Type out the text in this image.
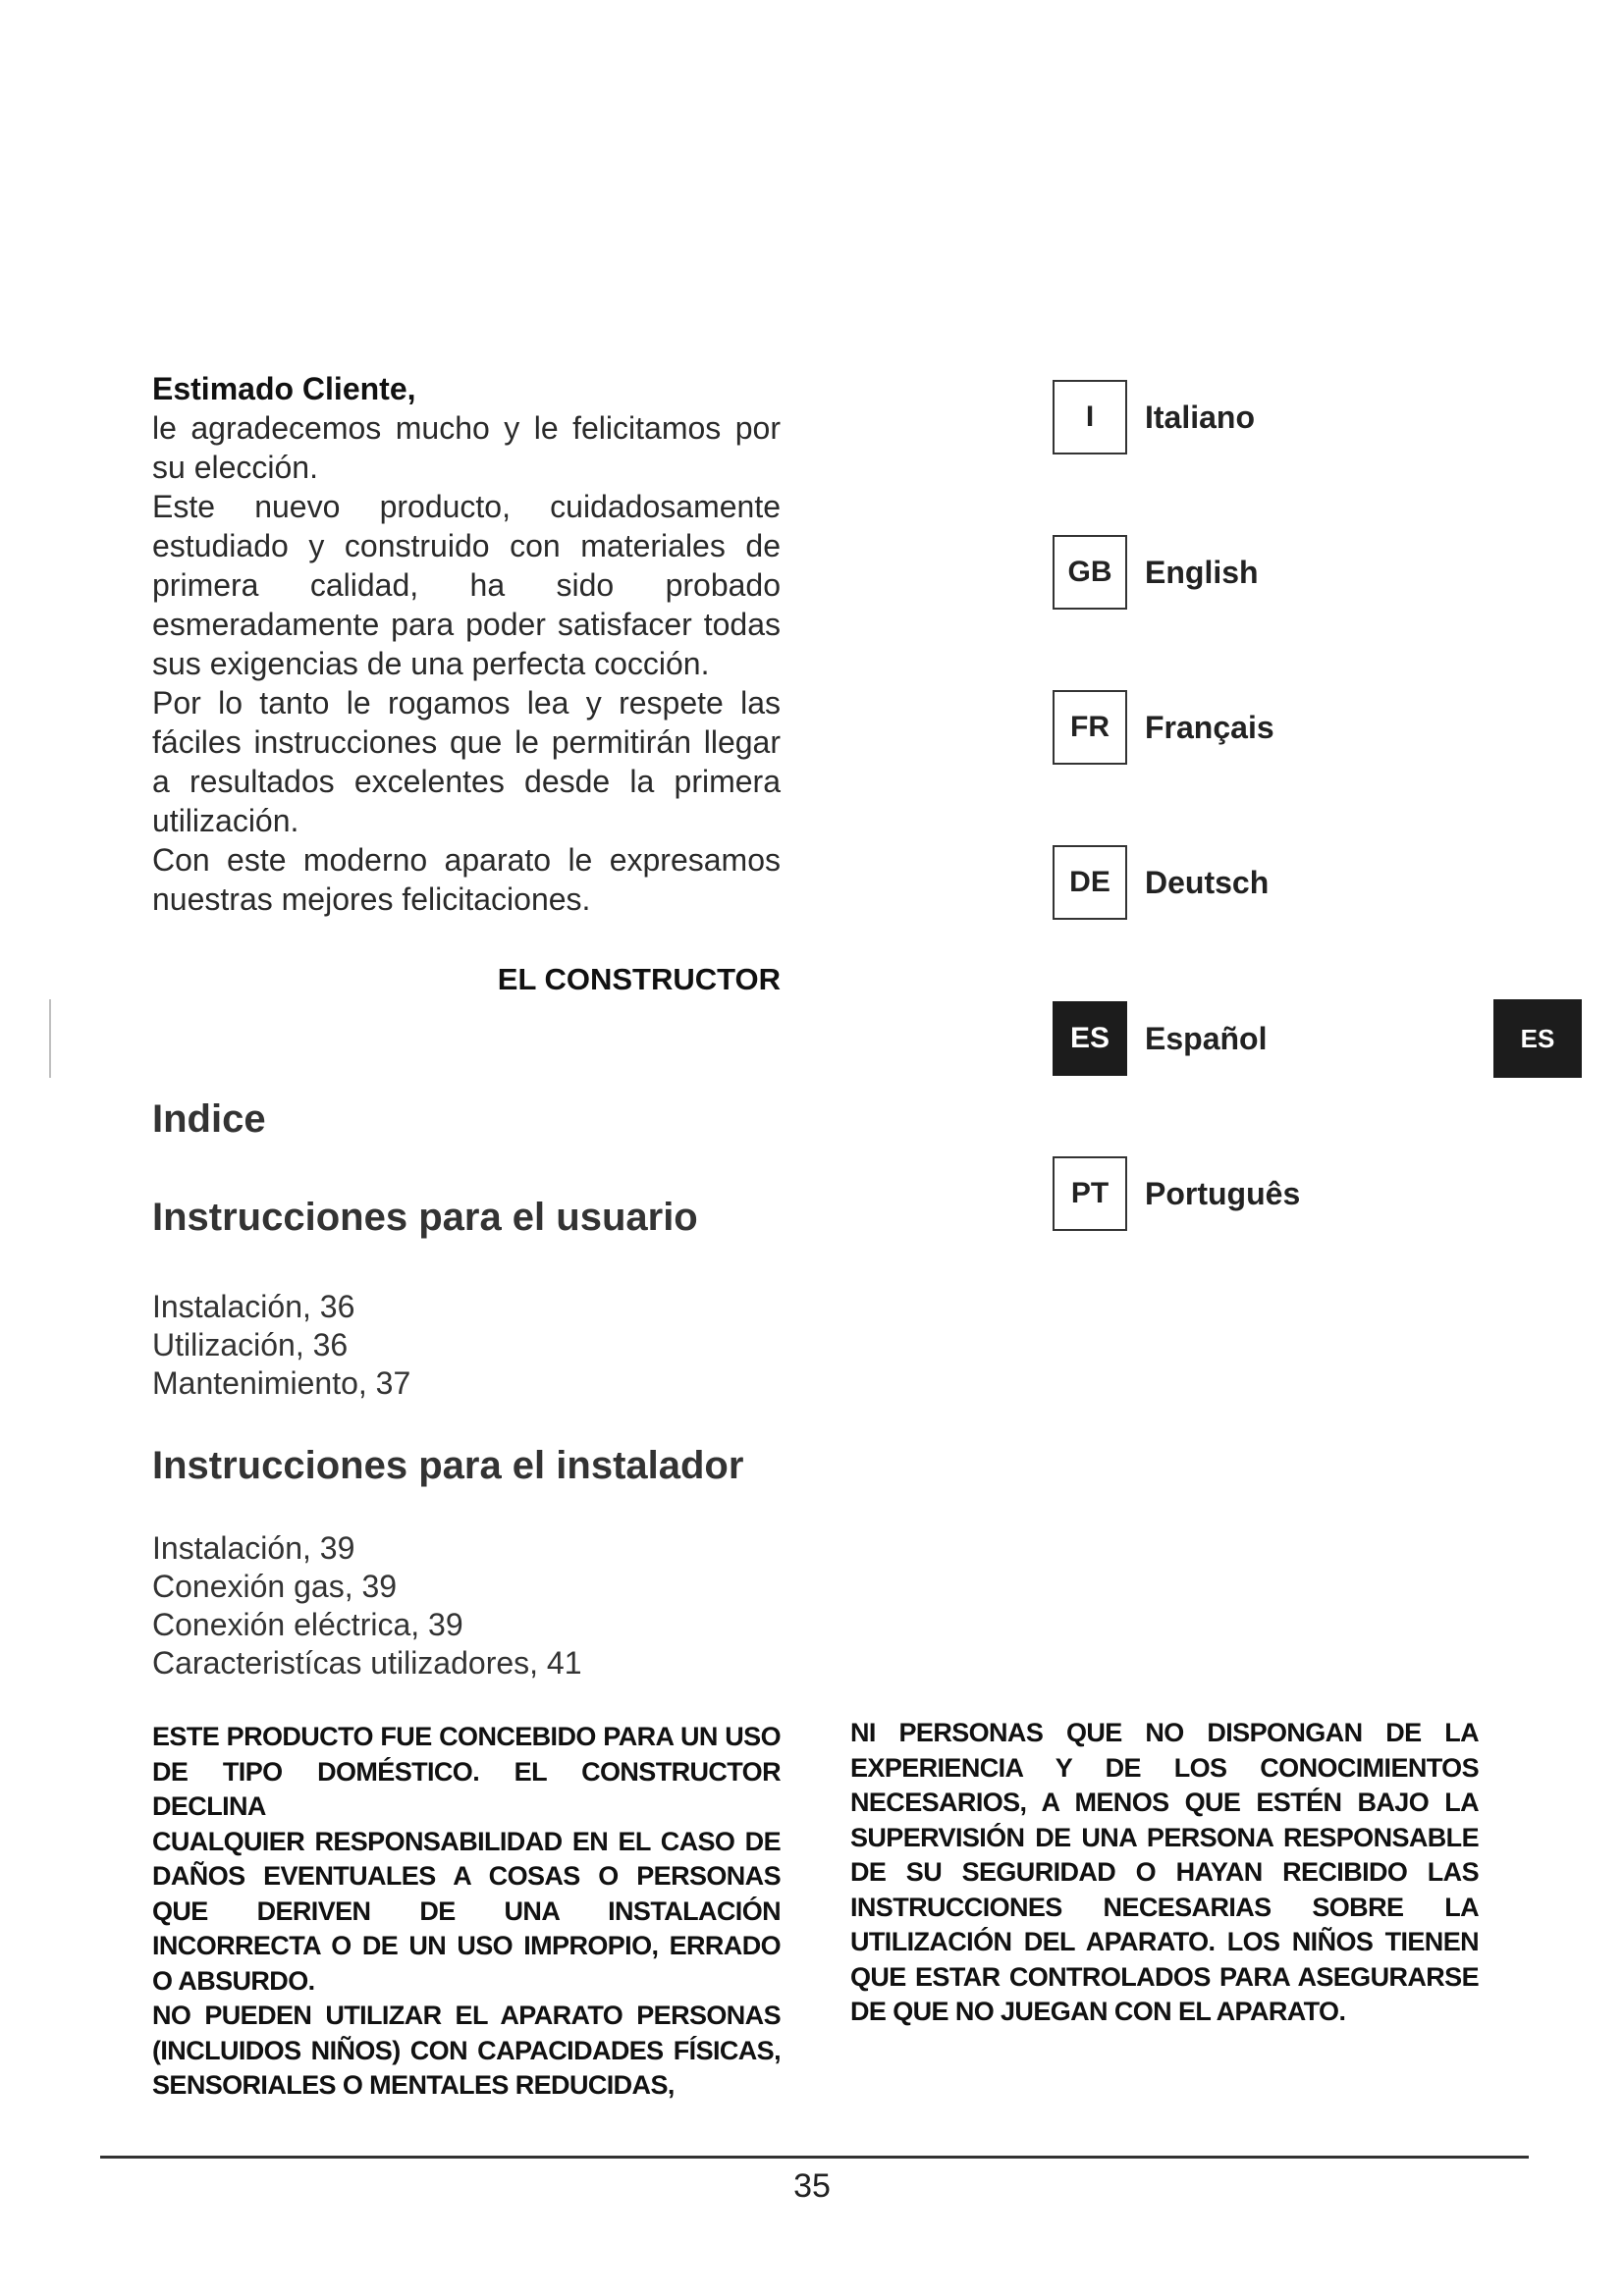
Estimado Cliente,

le agradecemos mucho y le felicitamos por su elección.

Este nuevo producto, cuidadosamente estudiado y construido con materiales de primera calidad, ha sido probado esmeradamente para poder satisfacer todas sus exigencias de una perfecta cocción.

Por lo tanto le rogamos lea y respete las fáciles instrucciones que le permitirán llegar a resultados excelentes desde la primera utilización.

Con este moderno aparato le expresamos nuestras mejores felicitaciones.

EL CONSTRUCTOR
Indice
Instrucciones para el usuario
Instalación, 36
Utilización, 36
Mantenimiento, 37
Instrucciones para el instalador
Instalación, 39
Conexión gas, 39
Conexión eléctrica, 39
Caracteristícas utilizadores, 41
I	Italiano
GB	English
FR	Français
DE	Deutsch
ES	Español
PT	Português
ES

ESTE PRODUCTO FUE CONCEBIDO PARA UN USO DE TIPO DOMÉSTICO. EL CONSTRUCTOR DECLINA

CUALQUIER RESPONSABILIDAD EN EL CASO DE DAÑOS EVENTUALES A COSAS O PERSONAS QUE DERIVEN DE UNA INSTALACIÓN INCORRECTA O DE UN USO IMPROPIO, ERRADO O ABSURDO.

NO PUEDEN UTILIZAR EL APARATO PERSONAS (INCLUIDOS NIÑOS) CON CAPACIDADES FÍSICAS, SENSORIALES O MENTALES REDUCIDAS,

NI PERSONAS QUE NO DISPONGAN DE LA EXPERIENCIA Y DE LOS CONOCIMIENTOS NECESARIOS, A MENOS QUE ESTÉN BAJO LA SUPERVISIÓN DE UNA PERSONA RESPONSABLE DE SU SEGURIDAD O HAYAN RECIBIDO LAS INSTRUCCIONES NECESARIAS SOBRE LA UTILIZACIÓN DEL APARATO. LOS NIÑOS TIENEN QUE ESTAR CONTROLADOS PARA ASEGURARSE DE QUE NO JUEGAN CON EL APARATO.

35
